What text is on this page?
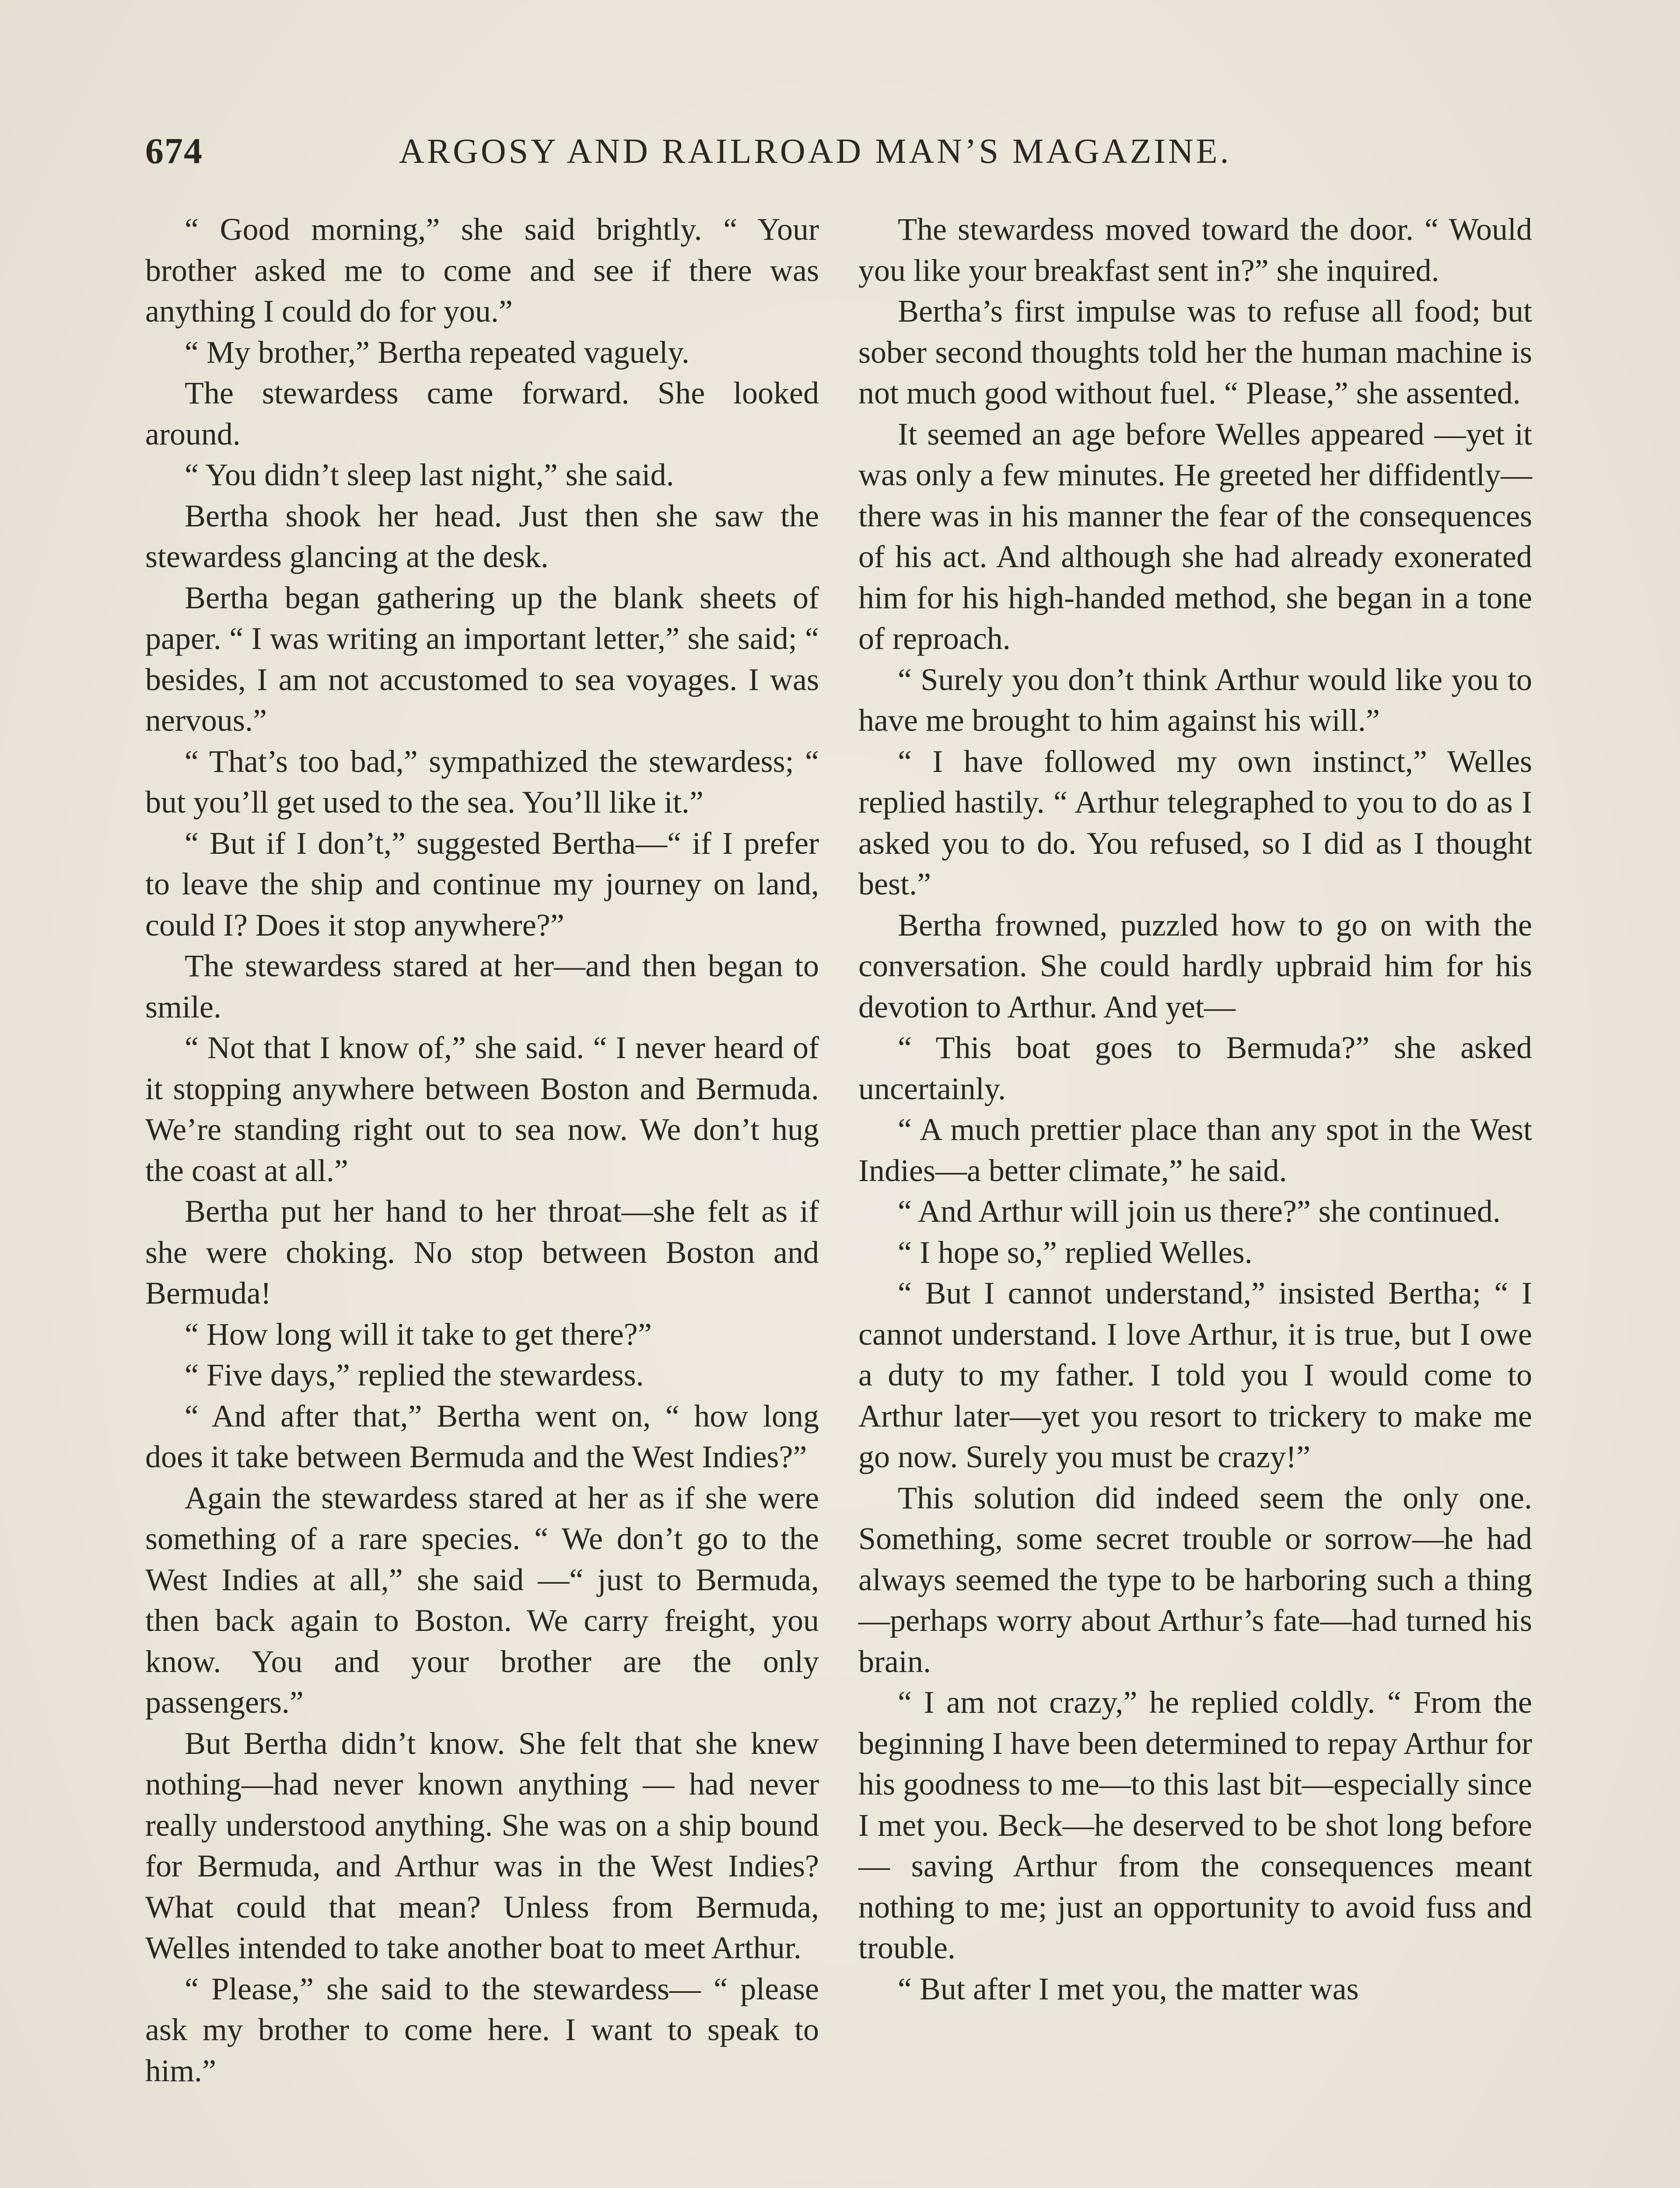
674	ARGOSY AND RAILROAD MAN’S MAGAZINE.

“ Good morning,” she said brightly. “ Your brother asked me to come and see if there was anything I could do for you.”

“ My brother,” Bertha repeated vaguely.

The stewardess came forward. She looked around.

“ You didn’t sleep last night,” she said.

Bertha shook her head. Just then she saw the stewardess glancing at the desk.

Bertha began gathering up the blank sheets of paper. “ I was writing an important letter,” she said; “ besides, I am not accustomed to sea voyages. I was nervous.”

“ That’s too bad,” sympathized the stewardess; “ but you’ll get used to the sea. You’ll like it.”

“ But if I don’t,” suggested Bertha—“ if I prefer to leave the ship and continue my journey on land, could I? Does it stop anywhere?”

The stewardess stared at her—and then began to smile.

“ Not that I know of,” she said. “ I never heard of it stopping anywhere between Boston and Bermuda. We’re standing right out to sea now. We don’t hug the coast at all.”

Bertha put her hand to her throat—she felt as if she were choking. No stop between Boston and Bermuda!

“ How long will it take to get there?”

“ Five days,” replied the stewardess.

“ And after that,” Bertha went on, “ how long does it take between Bermuda and the West Indies?”

Again the stewardess stared at her as if she were something of a rare species. “ We don’t go to the West Indies at all,” she said —“ just to Bermuda, then back again to Boston. We carry freight, you know. You and your brother are the only passengers.”

But Bertha didn’t know. She felt that she knew nothing—had never known anything — had never really understood anything. She was on a ship bound for Bermuda, and Arthur was in the West Indies? What could that mean? Unless from Bermuda, Welles intended to take another boat to meet Arthur.

“ Please,” she said to the stewardess— “ please ask my brother to come here. I want to speak to him.”

The stewardess moved toward the door. “ Would you like your breakfast sent in?” she inquired.

Bertha’s first impulse was to refuse all food; but sober second thoughts told her the human machine is not much good without fuel. “ Please,” she assented.

It seemed an age before Welles appeared —yet it was only a few minutes. He greeted her diffidently—there was in his manner the fear of the consequences of his act. And although she had already exonerated him for his high-handed method, she began in a tone of reproach.

“ Surely you don’t think Arthur would like you to have me brought to him against his will.”

“ I have followed my own instinct,” Welles replied hastily. “ Arthur telegraphed to you to do as I asked you to do. You refused, so I did as I thought best.”

Bertha frowned, puzzled how to go on with the conversation. She could hardly upbraid him for his devotion to Arthur. And yet—

“ This boat goes to Bermuda?” she asked uncertainly.

“ A much prettier place than any spot in the West Indies—a better climate,” he said.

“ And Arthur will join us there?” she continued.

“ I hope so,” replied Welles.

“ But I cannot understand,” insisted Bertha; “ I cannot understand. I love Arthur, it is true, but I owe a duty to my father. I told you I would come to Arthur later—yet you resort to trickery to make me go now. Surely you must be crazy!”

This solution did indeed seem the only one. Something, some secret trouble or sorrow—he had always seemed the type to be harboring such a thing—perhaps worry about Arthur’s fate—had turned his brain.

“ I am not crazy,” he replied coldly. “ From the beginning I have been determined to repay Arthur for his goodness to me—to this last bit—especially since I met you. Beck—he deserved to be shot long before — saving Arthur from the consequences meant nothing to me; just an opportunity to avoid fuss and trouble.

“ But after I met you, the matter was
